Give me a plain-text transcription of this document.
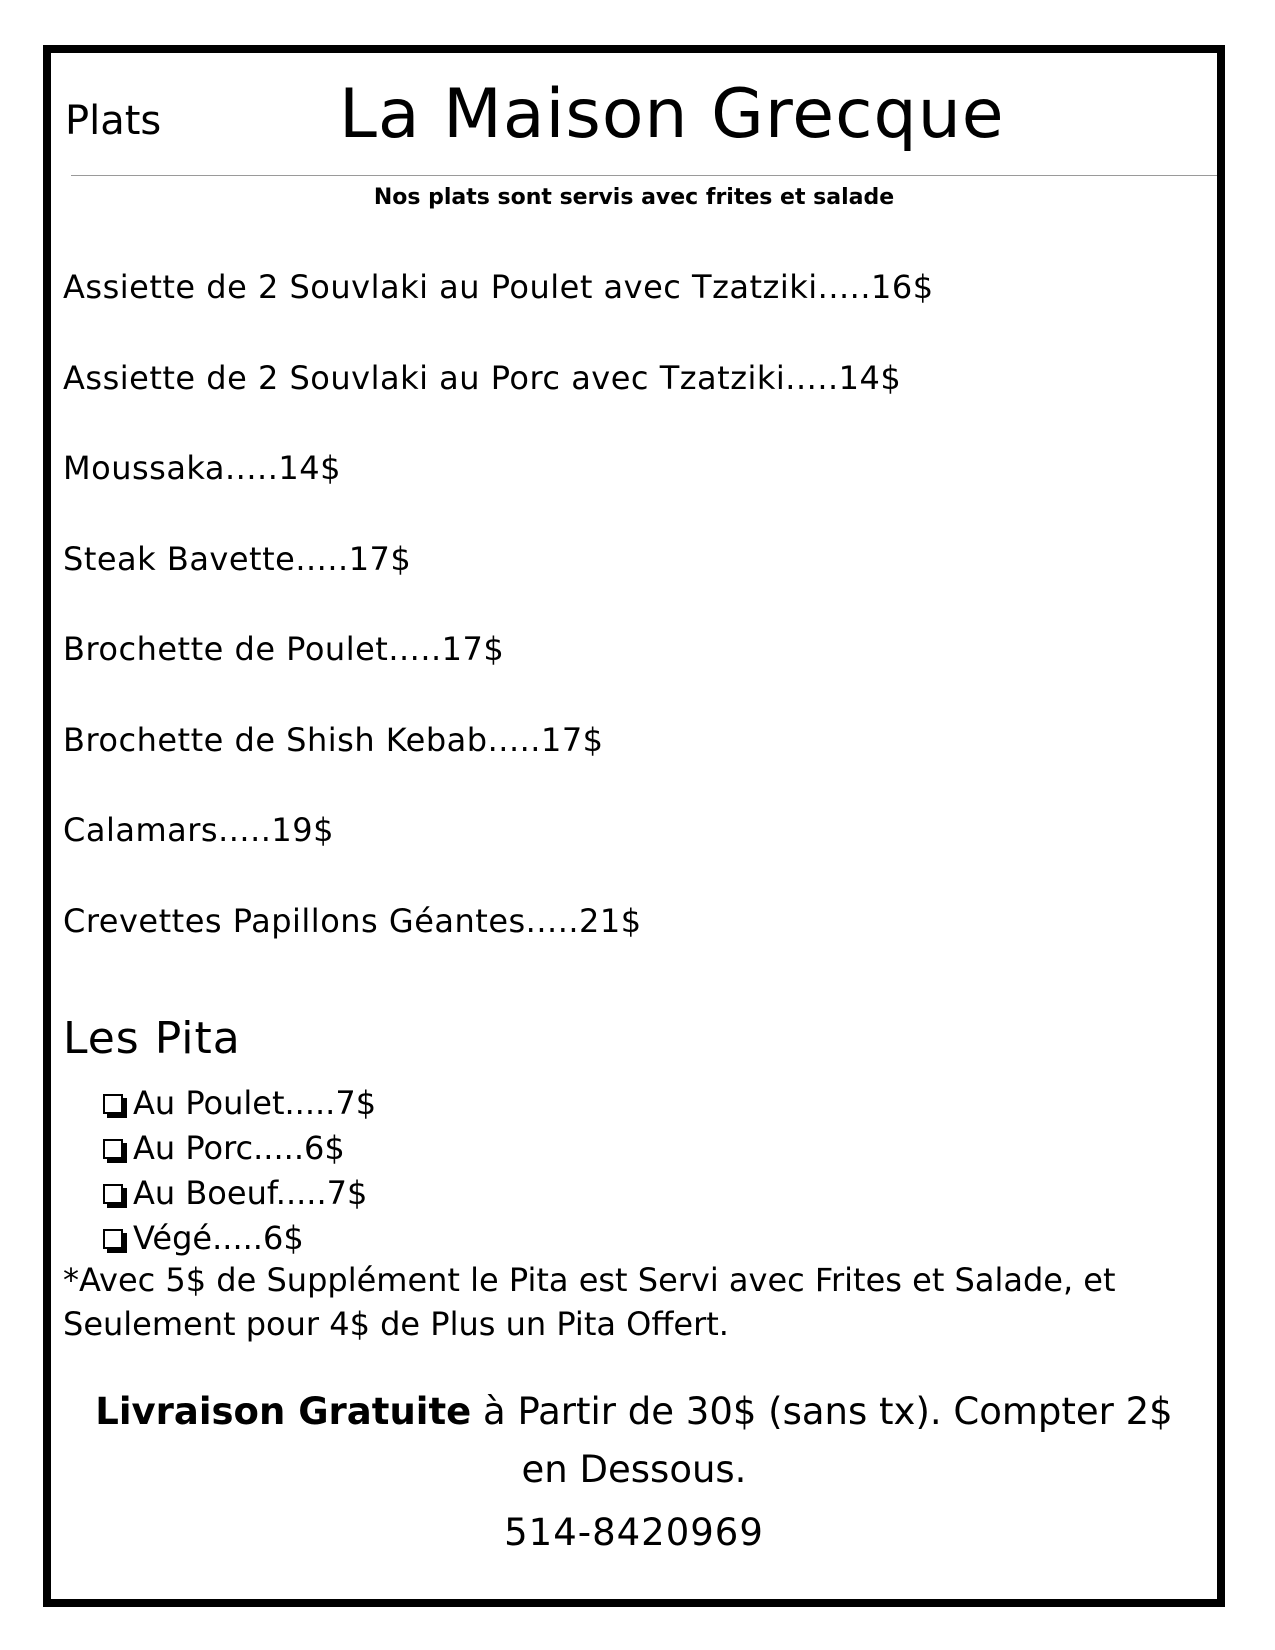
Plats	La Maison Grecque
Nos plats sont servis avec frites et salade
Assiette de 2 Souvlaki au Poulet avec Tzatziki.....16$
Assiette de 2 Souvlaki au Porc avec Tzatziki.....14$
Moussaka.....14$
Steak Bavette.....17$
Brochette de Poulet.....17$
Brochette de Shish Kebab.....17$
Calamars.....19$
Crevettes Papillons Géantes.....21$
Les Pita
Au Poulet.....7$
Au Porc.....6$
Au Boeuf.....7$
Végé.....6$

*Avec 5$ de Supplément le Pita est Servi avec Frites et Salade, et Seulement pour 4$ de Plus un Pita Offert.

Livraison Gratuite à Partir de 30$ (sans tx). Compter 2$ en Dessous.
514-8420969
